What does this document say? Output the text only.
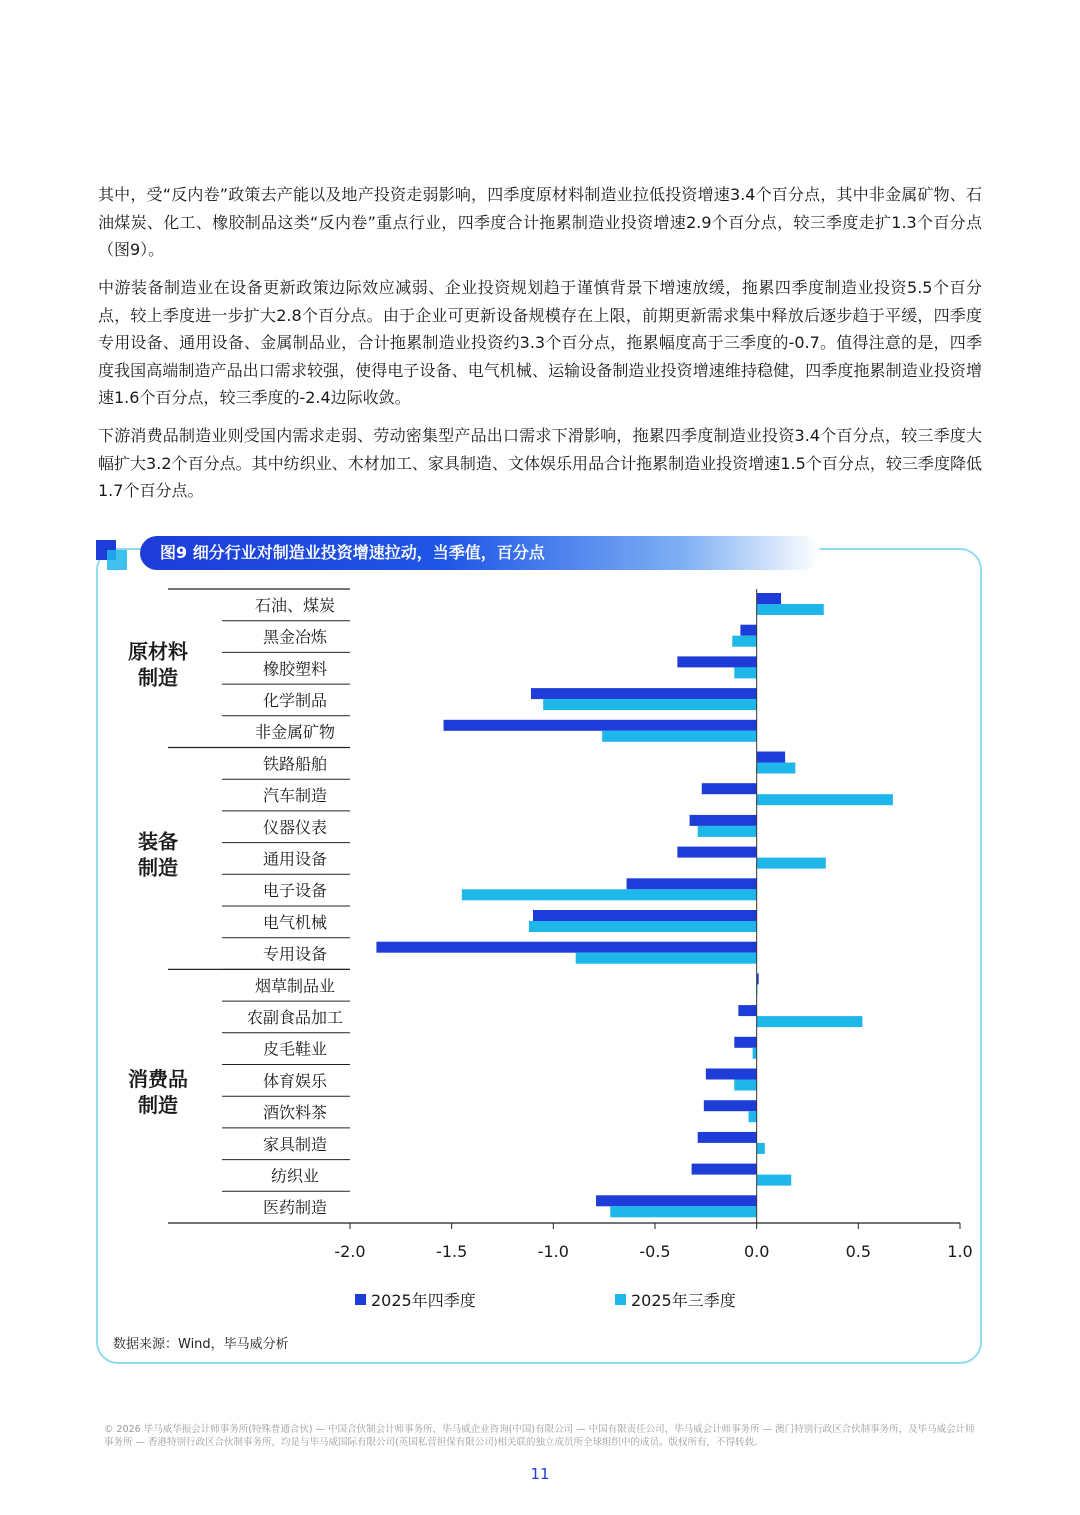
其中，受“反内卷”政策去产能以及地产投资走弱影响，四季度原材料制造业拉低投资增速3.4个百分点，其中非金属矿物、石油煤炭、化工、橡胶制品这类“反内卷”重点行业，四季度合计拖累制造业投资增速2.9个百分点，较三季度走扩1.3个百分点（图9）。

中游装备制造业在设备更新政策边际效应减弱、企业投资规划趋于谨慎背景下增速放缓，拖累四季度制造业投资5.5个百分点，较上季度进一步扩大2.8个百分点。由于企业可更新设备规模存在上限，前期更新需求集中释放后逐步趋于平缓，四季度专用设备、通用设备、金属制品业，合计拖累制造业投资约3.3个百分点，拖累幅度高于三季度的-0.7。值得注意的是，四季度我国高端制造产品出口需求较强，使得电子设备、电气机械、运输设备制造业投资增速维持稳健，四季度拖累制造业投资增速1.6个百分点，较三季度的-2.4边际收敛。

下游消费品制造业则受国内需求走弱、劳动密集型产品出口需求下滑影响，拖累四季度制造业投资3.4个百分点，较三季度大幅扩大3.2个百分点。其中纺织业、木材加工、家具制造、文体娱乐用品合计拖累制造业投资增速1.5个百分点，较三季度降低1.7个百分点。

图9 细分行业对制造业投资增速拉动，当季值，百分点
石油、煤炭
黑金冶炼
橡胶塑料
化学制品
非金属矿物
铁路船舶
汽车制造
仪器仪表
通用设备
电子设备
电气机械
专用设备
烟草制品业
农副食品加工
皮毛鞋业
体育娱乐
酒饮料茶
家具制造
纺织业
医药制造
原材料
制造
装备
制造
消费品
制造
-2.0	-1.5	-1.0	-0.5	0.0	0.5	1.0
2025年四季度	2025年三季度
数据来源：Wind，毕马威分析

© 2026 毕马威华振会计师事务所(特殊普通合伙) — 中国合伙制会计师事务所，毕马威企业咨询(中国)有限公司 — 中国有限责任公司，毕马威会计师事务所 — 澳门特别行政区合伙制事务所，及毕马威会计师事务所 — 香港特别行政区合伙制事务所，均是与毕马威国际有限公司(英国私营担保有限公司)相关联的独立成员所全球组织中的成员。版权所有，不得转载。

11
